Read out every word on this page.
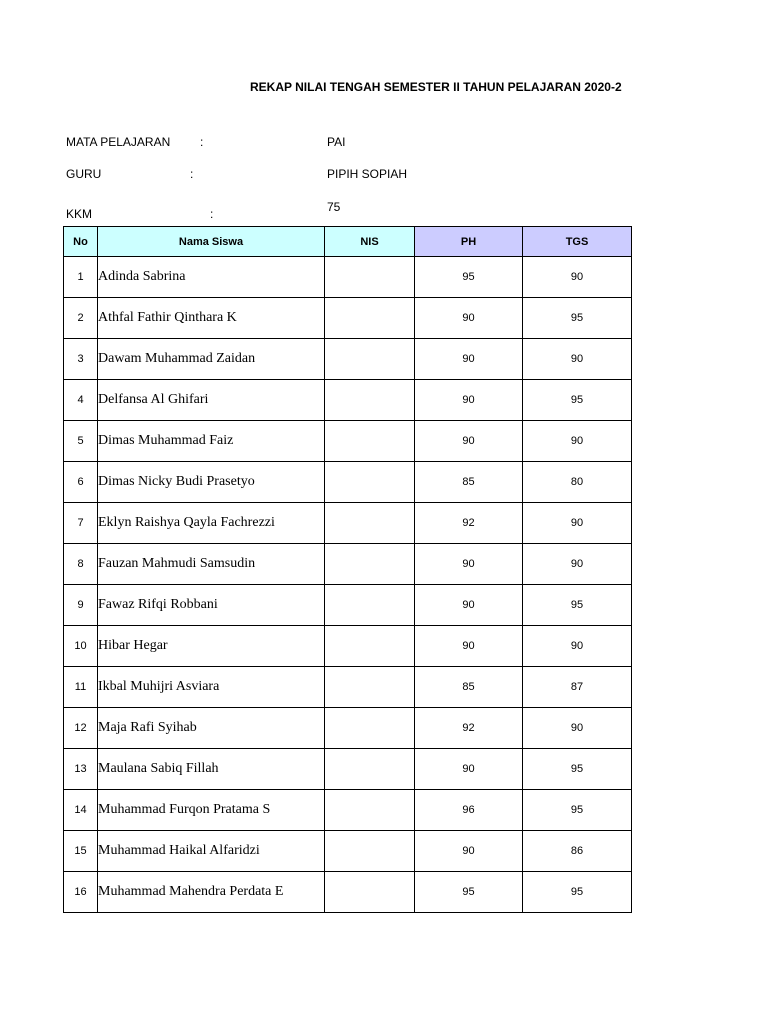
REKAP NILAI TENGAH SEMESTER II TAHUN PELAJARAN 2020-2
MATA PELAJARAN :	PAI
GURU	:	PIPIH SOPIAH
KKM	:	75
No	Nama Siswa	NIS	PH	TGS
1	Adinda Sabrina		95	90
2	Athfal Fathir Qinthara K		90	95
3	Dawam Muhammad Zaidan		90	90
4	Delfansa Al Ghifari		90	95
5	Dimas Muhammad Faiz		90	90
6	Dimas Nicky Budi Prasetyo		85	80
7	Eklyn Raishya Qayla Fachrezzi		92	90
8	Fauzan Mahmudi Samsudin		90	90
9	Fawaz Rifqi Robbani		90	95
10	Hibar Hegar		90	90
11	Ikbal Muhijri Asviara		85	87
12	Maja Rafi Syihab		92	90
13	Maulana Sabiq Fillah		90	95
14	Muhammad Furqon Pratama S		96	95
15	Muhammad Haikal Alfaridzi		90	86
16	Muhammad Mahendra Perdata E		95	95
